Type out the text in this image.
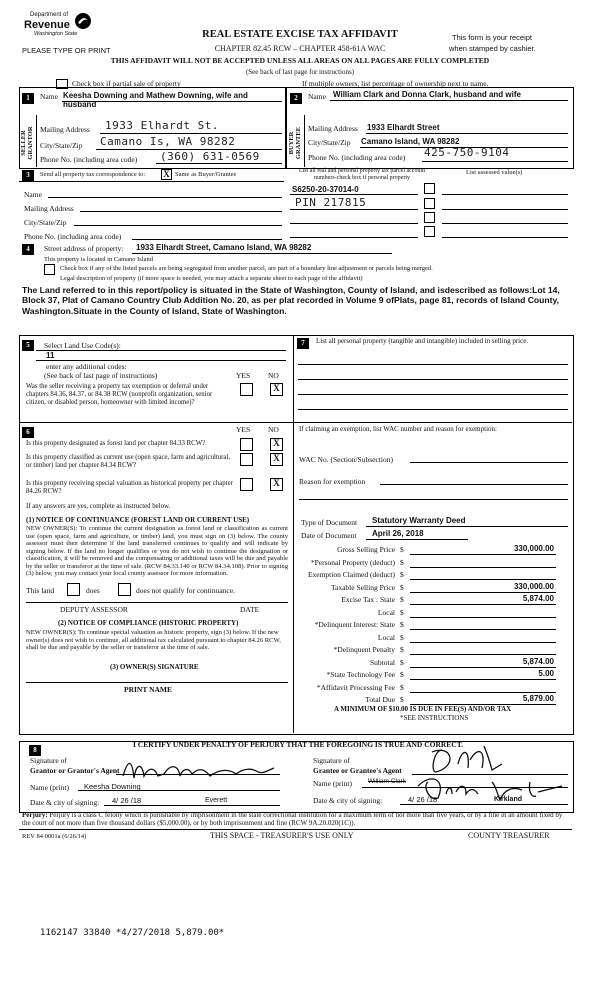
Department of
Revenue
Washington State
PLEASE TYPE OR PRINT
REAL ESTATE EXCISE TAX AFFIDAVIT
CHAPTER 82.45 RCW – CHAPTER 458-61A WAC
This form is your receipt
when stamped by cashier.
THIS AFFIDAVIT WILL NOT BE ACCEPTED UNLESS ALL AREAS ON ALL PAGES ARE FULLY COMPLETED
(See back of last page for instructions)
Check box if partial sale of property	If multiple owners, list percentage of ownership next to name.
1	2
SELLER GRANTOR	BUYER GRANTEE
Name Keesha Downing and Mathew Downing, wife and husband
Mailing Address 1933 Elhardt St.
City/State/Zip Camano Is, WA 98282
Phone No. (including area code) (360) 631-0569
Name William Clark and Donna Clark, husband and wife
Mailing Address 1933 Elhardt Street
City/State/Zip Camano Island, WA 98282
Phone No. (including area code) 425-750-9104
3	Send all property tax correspondence to: X Same as Buyer/Grantee
Name
Mailing Address
City/State/Zip
Phone No. (including area code)
List all real and personal property tax parcel account
numbers-check box if personal property
List assessed value(s)
S6250-20-37014-0
PIN 217815
4	Street address of property: 1933 Elhardt Street, Camano Island, WA 98282
This property is located in Camano Island
Check box if any of the listed parcels are being segregated from another parcel, are part of a boundary line adjustment or parcels being merged.
Legal description of property (if more space is needed, you may attach a separate sheet to each page of the affidavit)
The Land referred to in this report/policy is situated in the State of Washington, County of Island, and isdescribed as follows:Lot 14, Block 37, Plat of Camano Country Club Addition No. 20, as per plat recorded in Volume 9 ofPlats, page 81, records of Island County, Washington.Situate in the County of Island, State of Washington.
5	Select Land Use Code(s):
11
enter any additional codes:
(See back of last page of instructions)	YES NO
Was the seller receiving a property tax exemption or deferral under chapters 84.36, 84.37, or 84.38 RCW (nonprofit organization, senior citizen, or disabled person, homeowner with limited income)?
X
7	List all personal property (tangible and intangible) included in selling price.
6	YES NO
Is this property designated as forest land per chapter 84.33 RCW?	X
Is this property classified as current use (open space, farm and agricultural, or timber) land per chapter 84.34 RCW?
X
Is this property receiving special valuation as historical property per chapter 84.26 RCW?
X
If any answers are yes, complete as instructed below.
(1) NOTICE OF CONTINUANCE (FOREST LAND OR CURRENT USE)
NEW OWNER(S): To continue the current designation as forest land or classification as current use (open space, farm and agriculture, or timber) land, you must sign on (3) below. The county assessor must then determine if the land transferred continues to qualify and will indicate by signing below. If the land no longer qualifies or you do not wish to continue the designation or classification, it will be removed and the compensating or additional taxes will be due and payable by the seller or transferor at the time of sale. (RCW 84.33.140 or RCW 84.34.108). Prior to signing (3) below, you may contact your local county assessor for more information.
This land	does	does not qualify for continuance.
DEPUTY ASSESSOR	DATE
(2) NOTICE OF COMPLIANCE (HISTORIC PROPERTY)
NEW OWNER(S): To continue special valuation as historic property, sign (3) below. If the new owner(s) does not wish to continue, all additional tax calculated pursuant to chapter 84.26 RCW, shall be due and payable by the seller or transferor at the time of sale.
(3) OWNER(S) SIGNATURE
PRINT NAME
If claiming an exemption, list WAC number and reason for exemption:
WAC No. (Section/Subsection)
Reason for exemption
Type of Document Statutory Warranty Deed
Date of Document April 26, 2018
Gross Selling Price $	330,000.00
*Personal Property (deduct) $
Exemption Claimed (deduct) $
Taxable Selling Price $	330,000.00
Excise Tax : State $	5,874.00
Local $
*Delinquent Interest: State $
Local $
*Delinquent Penalty $
Subtotal $	5,874.00
*State Technology Fee $	5.00
*Affidavit Processing Fee $
Total Due $	5,879.00
A MINIMUM OF $10.00 IS DUE IN FEE(S) AND/OR TAX
*SEE INSTRUCTIONS
8
I CERTIFY UNDER PENALTY OF PERJURY THAT THE FOREGOING IS TRUE AND CORRECT.
Signature of
Grantor or Grantor's Agent
Name (print) Keesha Downing
Date & city of signing: 4/ 26 /18	Everett
Signature of
Grantee or Grantee's Agent
Name (print) William Clark
Date & city of signing:	4/ 26 /18	Kirkland
Perjury: Perjury is a class C felony which is punishable by imprisonment in the state correctional institution for a maximum term of not more than five years, or by a fine in an amount fixed by the court of not more than five thousand dollars ($5,000.00), or by both imprisonment and fine (RCW 9A.20.020(1C)).
REV 84 0001a (6/26/14)	THIS SPACE - TREASURER'S USE ONLY	COUNTY TREASURER
1162147 33840 *4/27/2018 5,879.00*
